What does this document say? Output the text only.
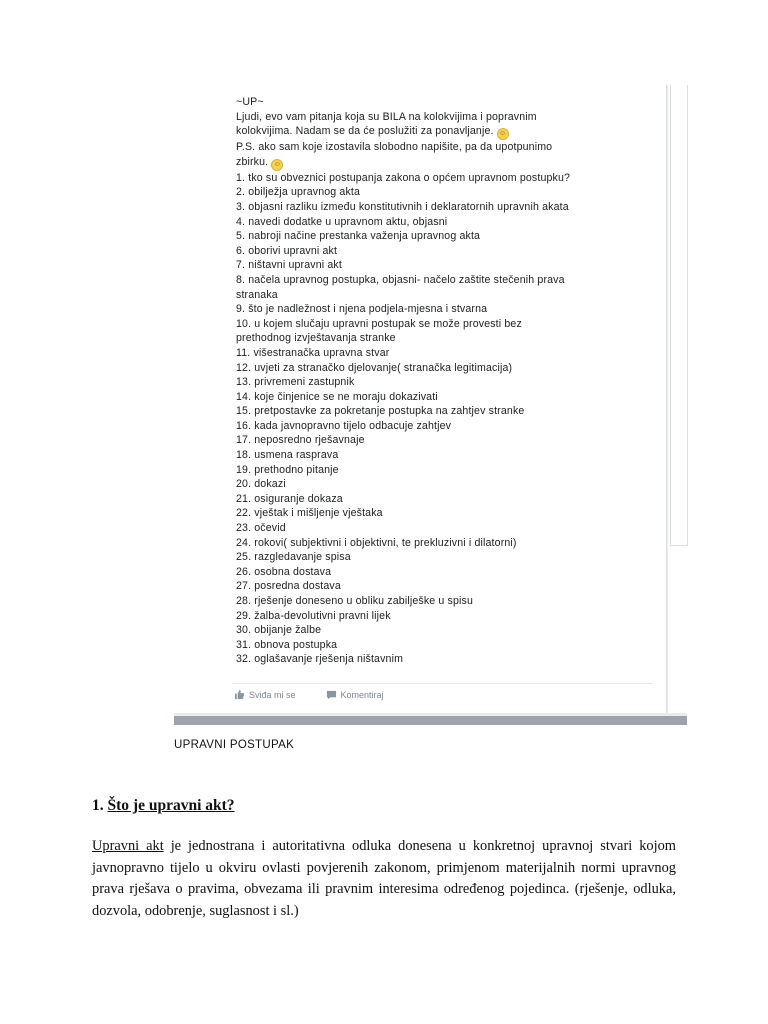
~UP~
Ljudi, evo vam pitanja koja su BILA na kolokvijima i popravnim
kolokvijima. Nadam se da će poslužiti za ponavljanje. ☺
P.S. ako sam koje izostavila slobodno napišite, pa da upotpunimo
zbirku. ☺
1. tko su obveznici postupanja zakona o općem upravnom postupku?
2. obilježja upravnog akta
3. objasni razliku između konstitutivnih i deklaratornih upravnih akata
4. navedi dodatke u upravnom aktu, objasni
5. nabroji načine prestanka važenja upravnog akta
6. oborivi upravni akt
7. ništavni upravni akt
8. načela upravnog postupka, objasni- načelo zaštite stečenih prava
stranaka
9. što je nadležnost i njena podjela-mjesna i stvarna
10. u kojem slučaju upravni postupak se može provesti bez
prethodnog izvještavanja stranke
11. višestranačka upravna stvar
12. uvjeti za stranačko djelovanje( stranačka legitimacija)
13. privremeni zastupnik
14. koje činjenice se ne moraju dokazivati
15. pretpostavke za pokretanje postupka na zahtjev stranke
16. kada javnopravno tijelo odbacuje zahtjev
17. neposredno rješavnaje
18. usmena rasprava
19. prethodno pitanje
20. dokazi
21. osiguranje dokaza
22. vještak i mišljenje vještaka
23. očevid
24. rokovi( subjektivni i objektivni, te prekluzivni i dilatorni)
25. razgledavanje spisa
26. osobna dostava
27. posredna dostava
28. rješenje doneseno u obliku zabilješke u spisu
29. žalba-devolutivni pravni lijek
30. obijanje žalbe
31. obnova postupka
32. oglašavanje rješenja ništavnim
Sviđa mi se	Komentiraj
UPRAVNI POSTUPAK
1. Što je upravni akt?
Upravni akt je jednostrana i autoritativna odluka donesena u konkretnoj upravnoj stvari kojom javnopravno tijelo u okviru ovlasti povjerenih zakonom, primjenom materijalnih normi upravnog prava rješava o pravima, obvezama ili pravnim interesima određenog pojedinca. (rješenje, odluka, dozvola, odobrenje, suglasnost i sl.)
